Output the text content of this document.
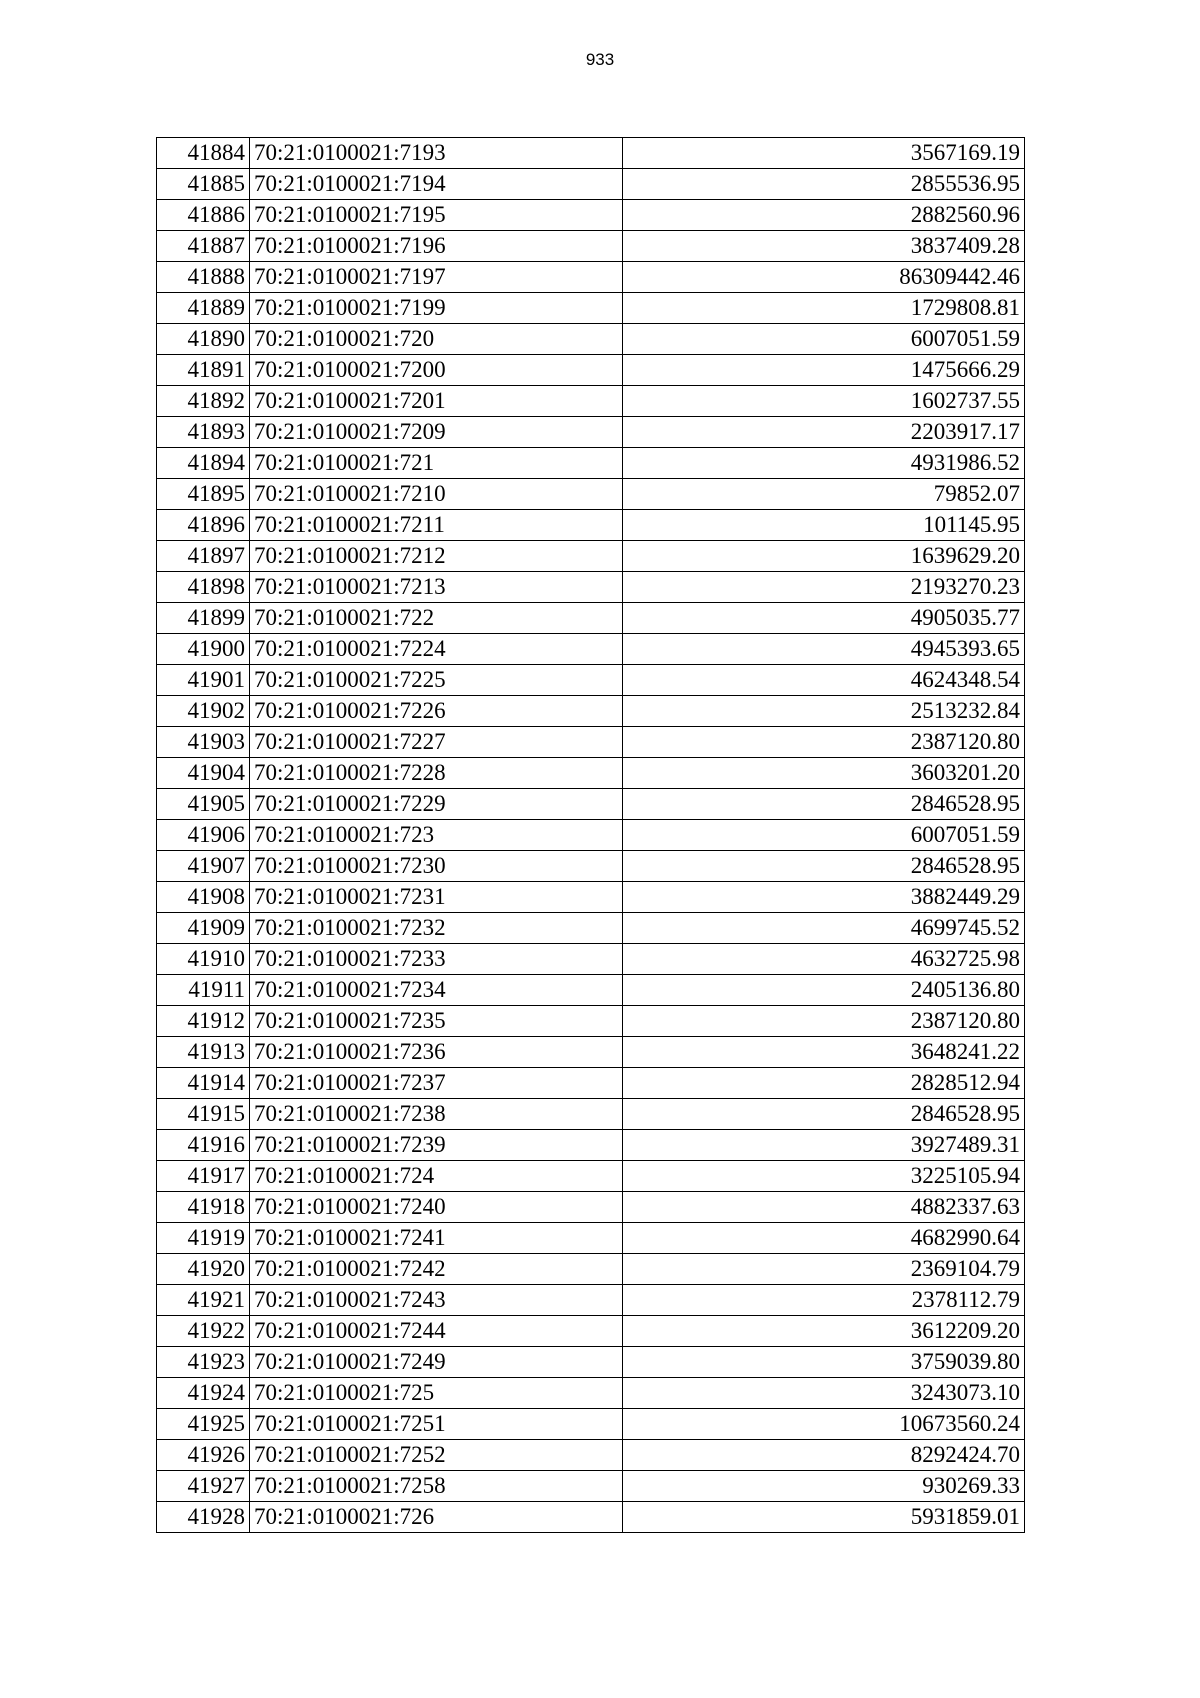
933
41884	70:21:0100021:7193	3567169.19
41885	70:21:0100021:7194	2855536.95
41886	70:21:0100021:7195	2882560.96
41887	70:21:0100021:7196	3837409.28
41888	70:21:0100021:7197	86309442.46
41889	70:21:0100021:7199	1729808.81
41890	70:21:0100021:720	6007051.59
41891	70:21:0100021:7200	1475666.29
41892	70:21:0100021:7201	1602737.55
41893	70:21:0100021:7209	2203917.17
41894	70:21:0100021:721	4931986.52
41895	70:21:0100021:7210	79852.07
41896	70:21:0100021:7211	101145.95
41897	70:21:0100021:7212	1639629.20
41898	70:21:0100021:7213	2193270.23
41899	70:21:0100021:722	4905035.77
41900	70:21:0100021:7224	4945393.65
41901	70:21:0100021:7225	4624348.54
41902	70:21:0100021:7226	2513232.84
41903	70:21:0100021:7227	2387120.80
41904	70:21:0100021:7228	3603201.20
41905	70:21:0100021:7229	2846528.95
41906	70:21:0100021:723	6007051.59
41907	70:21:0100021:7230	2846528.95
41908	70:21:0100021:7231	3882449.29
41909	70:21:0100021:7232	4699745.52
41910	70:21:0100021:7233	4632725.98
41911	70:21:0100021:7234	2405136.80
41912	70:21:0100021:7235	2387120.80
41913	70:21:0100021:7236	3648241.22
41914	70:21:0100021:7237	2828512.94
41915	70:21:0100021:7238	2846528.95
41916	70:21:0100021:7239	3927489.31
41917	70:21:0100021:724	3225105.94
41918	70:21:0100021:7240	4882337.63
41919	70:21:0100021:7241	4682990.64
41920	70:21:0100021:7242	2369104.79
41921	70:21:0100021:7243	2378112.79
41922	70:21:0100021:7244	3612209.20
41923	70:21:0100021:7249	3759039.80
41924	70:21:0100021:725	3243073.10
41925	70:21:0100021:7251	10673560.24
41926	70:21:0100021:7252	8292424.70
41927	70:21:0100021:7258	930269.33
41928	70:21:0100021:726	5931859.01
